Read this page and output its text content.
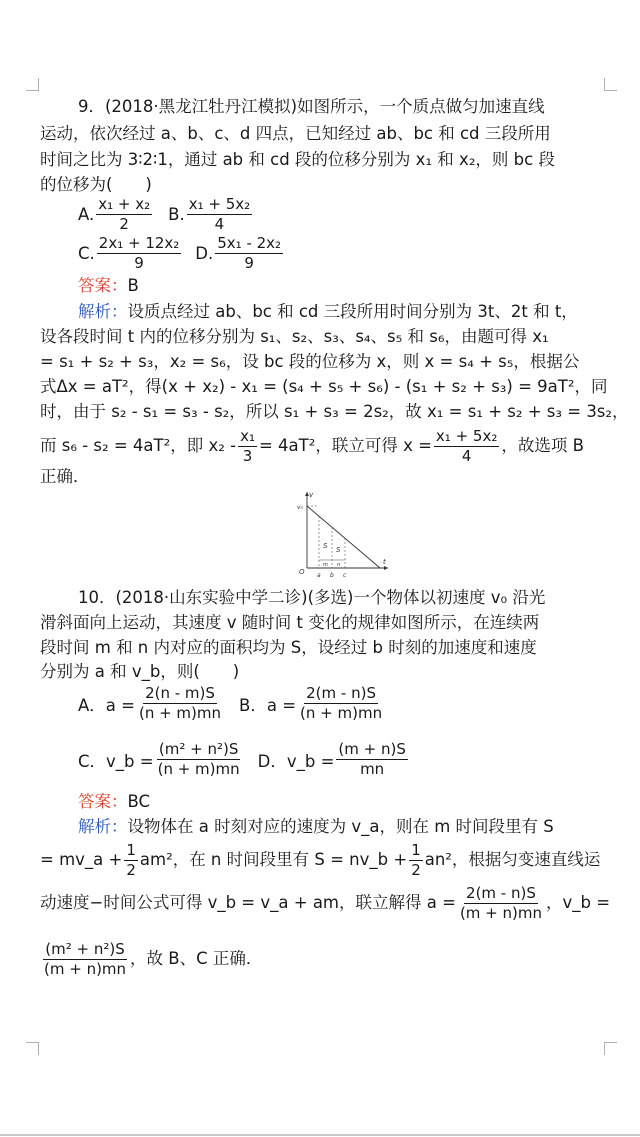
9．(2018·黑龙江牡丹江模拟)如图所示，一个质点做匀加速直线
运动，依次经过 a、b、c、d 四点，已知经过 ab、bc 和 cd 三段所用
时间之比为 3∶2∶1，通过 ab 和 cd 段的位移分别为 x₁ 和 x₂，则 bc 段
的位移为(　　)
A. $\frac{\text{x₁ + x₂}}{2} B$. $\frac{\text{x₁ + 5x₂}}{4}$
C. $\frac{\text{2x₁ + 12x₂}}{9} D$. $\frac{\text{5x₁ - 2x₂}}{9}$
答案：B
解析：设质点经过 ab、bc 和 cd 三段所用时间分别为 3t、2t 和 t，
设各段时间 t 内的位移分别为 s₁、s₂、s₃、s₄、s₅ 和 s₆，由题可得 x₁
= s₁ + s₂ + s₃，x₂ = s₆，设 bc 段的位移为 x，则 x = s₄ + s₅，根据公
式Δx = aT²，得(x + x₂) - x₁ = (s₄ + s₅ + s₆) - (s₁ + s₂ + s₃) = 9aT²，同
时，由于 s₂ - s₁ = s₃ - s₂，所以 s₁ + s₃ = 2s₂，故 x₁ = s₁ + s₂ + s₃ = 3s₂，
而 s₆ - s₂ = 4aT²，即 $x_2 - \frac{\text{x₁}}{3} = 4aT^2$，联立可得 $x = \frac{\text{x₁ + 5x₂}}{4}$ ，故选项 B
正确．
v
v₀
t
O
S S
m n
a b c
10．(2018·山东实验中学二诊)(多选)一个物体以初速度 v₀ 沿光
滑斜面向上运动，其速度 v 随时间 t 变化的规律如图所示，在连续两
段时间 m 和 n 内对应的面积均为 S，设经过 b 时刻的加速度和速度
分别为 a 和 v_b，则(　　)
A．$a = \frac{2(n - m)S}{(n + m)mn}$ B．$a = \frac{2(m - n)S}{(n + m)mn}$
C．v_b = $\frac{\text{(m² + n²)S}}{(n + m)mn}$ D．v_b = $\frac{(m + n)S}{mn}$
答案：BC
解析：设物体在 a 时刻对应的速度为 v_a，则在 m 时间段里有 S
= mv_a + $\frac{1}{2} am^2$，在 n 时间段里有 S = nv_b + $\frac{1}{2} an^2$，根据匀变速直线运
动速度−时间公式可得 v_b = v_a + am，联立解得 $a = \frac{2(m - n)S}{(m + n)mn}$ ，v_b =
$\frac{\text{(m² + n²)S}}{(m + n)mn}$ ，故 B、C 正确．
